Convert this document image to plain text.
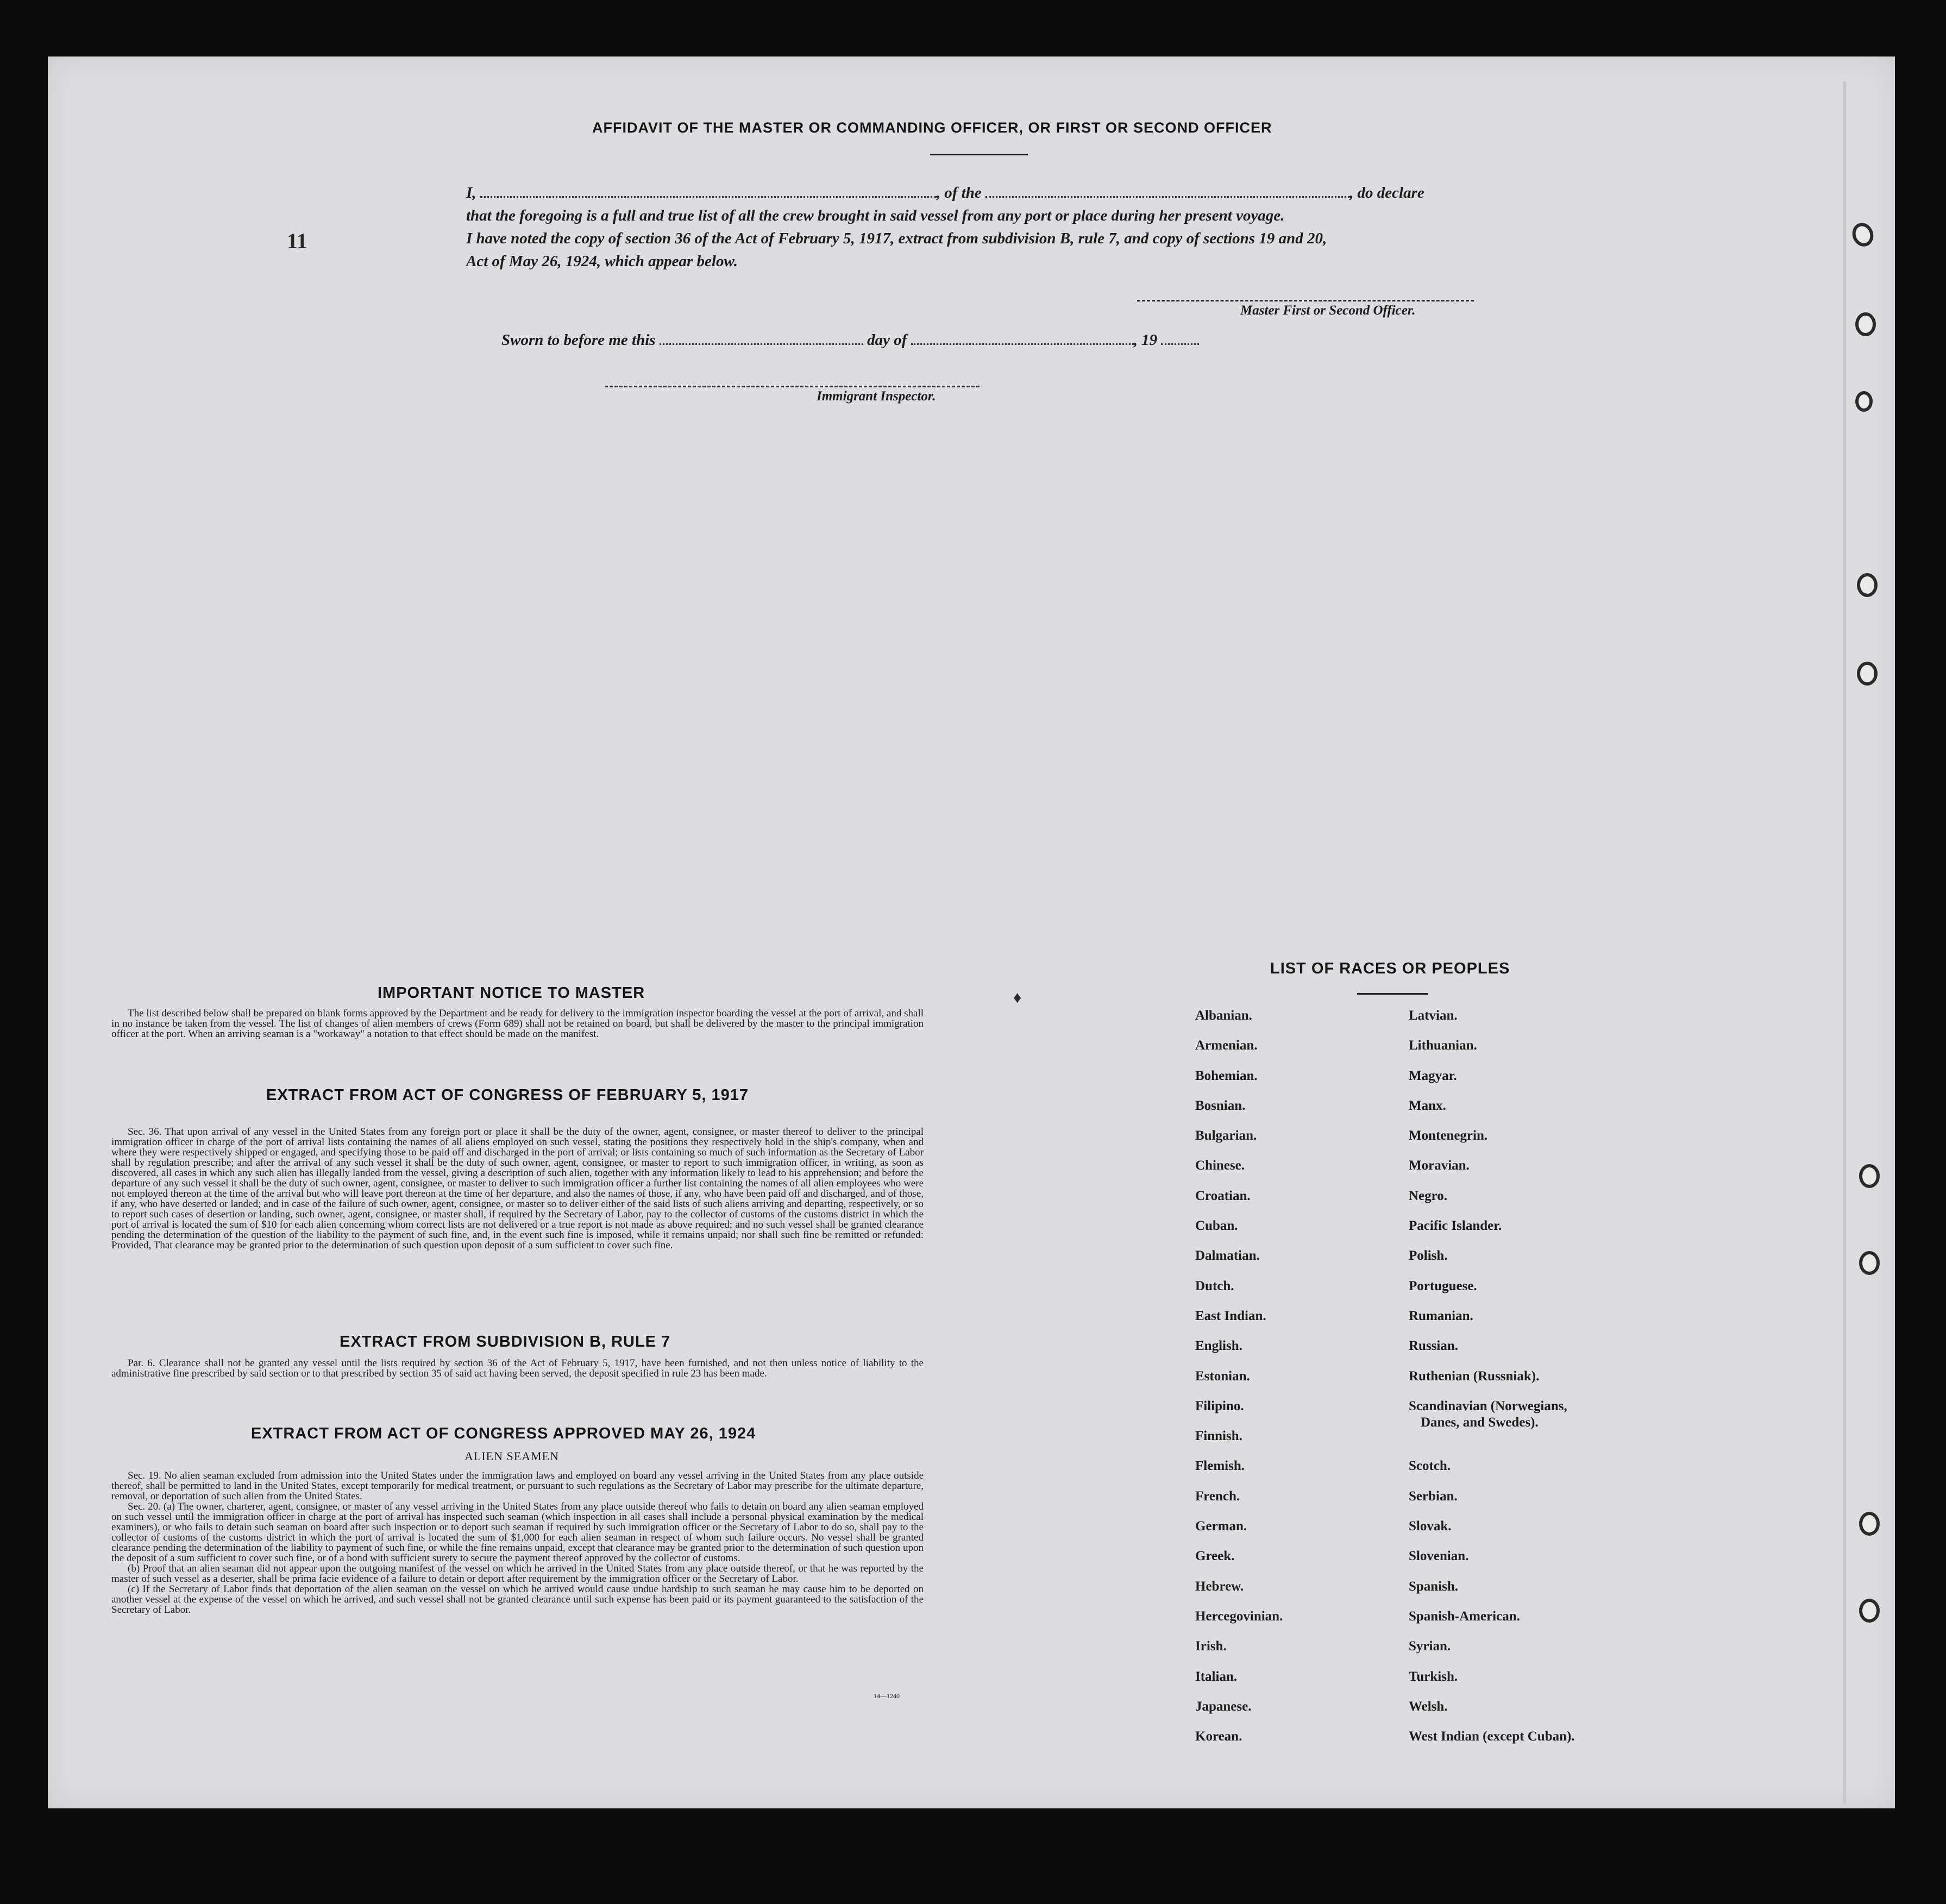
11
♦
AFFIDAVIT OF THE MASTER OR COMMANDING OFFICER, OR FIRST OR SECOND OFFICER
I,	, of the	, do declare
that the foregoing is a full and true list of all the crew brought in said vessel from any port or place during her present voyage.
I have noted the copy of section 36 of the Act of February 5, 1917, extract from subdivision B, rule 7, and copy of sections 19 and 20,
Act of May 26, 1924, which appear below.
Master First or Second Officer.
Sworn to before me this	day of	, 19
Immigrant Inspector.
IMPORTANT NOTICE TO MASTER

The list described below shall be prepared on blank forms approved by the Department and be ready for delivery to the immigration inspector boarding the vessel at the port of arrival, and shall in no instance be taken from the vessel. The list of changes of alien members of crews (Form 689) shall not be retained on board, but shall be delivered by the master to the principal immigration officer at the port. When an arriving seaman is a "workaway" a notation to that effect should be made on the manifest.

EXTRACT FROM ACT OF CONGRESS OF FEBRUARY 5, 1917

Sec. 36. That upon arrival of any vessel in the United States from any foreign port or place it shall be the duty of the owner, agent, consignee, or master thereof to deliver to the principal immigration officer in charge of the port of arrival lists containing the names of all aliens employed on such vessel, stating the positions they respectively hold in the ship's company, when and where they were respectively shipped or engaged, and specifying those to be paid off and discharged in the port of arrival; or lists containing so much of such information as the Secretary of Labor shall by regulation prescribe; and after the arrival of any such vessel it shall be the duty of such owner, agent, consignee, or master to report to such immigration officer, in writing, as soon as discovered, all cases in which any such alien has illegally landed from the vessel, giving a description of such alien, together with any information likely to lead to his apprehension; and before the departure of any such vessel it shall be the duty of such owner, agent, consignee, or master to deliver to such immigration officer a further list containing the names of all alien employees who were not employed thereon at the time of the arrival but who will leave port thereon at the time of her departure, and also the names of those, if any, who have been paid off and discharged, and of those, if any, who have deserted or landed; and in case of the failure of such owner, agent, consignee, or master so to deliver either of the said lists of such aliens arriving and departing, respectively, or so to report such cases of desertion or landing, such owner, agent, consignee, or master shall, if required by the Secretary of Labor, pay to the collector of customs of the customs district in which the port of arrival is located the sum of $10 for each alien concerning whom correct lists are not delivered or a true report is not made as above required; and no such vessel shall be granted clearance pending the determination of the question of the liability to the payment of such fine, and, in the event such fine is imposed, while it remains unpaid; nor shall such fine be remitted or refunded: Provided, That clearance may be granted prior to the determination of such question upon deposit of a sum sufficient to cover such fine.

EXTRACT FROM SUBDIVISION B, RULE 7

Par. 6. Clearance shall not be granted any vessel until the lists required by section 36 of the Act of February 5, 1917, have been furnished, and not then unless notice of liability to the administrative fine prescribed by said section or to that prescribed by section 35 of said act having been served, the deposit specified in rule 23 has been made.

EXTRACT FROM ACT OF CONGRESS APPROVED MAY 26, 1924
ALIEN SEAMEN

Sec. 19. No alien seaman excluded from admission into the United States under the immigration laws and employed on board any vessel arriving in the United States from any place outside thereof, shall be permitted to land in the United States, except temporarily for medical treatment, or pursuant to such regulations as the Secretary of Labor may prescribe for the ultimate departure, removal, or deportation of such alien from the United States.

Sec. 20. (a) The owner, charterer, agent, consignee, or master of any vessel arriving in the United States from any place outside thereof who fails to detain on board any alien seaman employed on such vessel until the immigration officer in charge at the port of arrival has inspected such seaman (which inspection in all cases shall include a personal physical examination by the medical examiners), or who fails to detain such seaman on board after such inspection or to deport such seaman if required by such immigration officer or the Secretary of Labor to do so, shall pay to the collector of customs of the customs district in which the port of arrival is located the sum of $1,000 for each alien seaman in respect of whom such failure occurs. No vessel shall be granted clearance pending the determination of the liability to payment of such fine, or while the fine remains unpaid, except that clearance may be granted prior to the determination of such question upon the deposit of a sum sufficient to cover such fine, or of a bond with sufficient surety to secure the payment thereof approved by the collector of customs.

(b) Proof that an alien seaman did not appear upon the outgoing manifest of the vessel on which he arrived in the United States from any place outside thereof, or that he was reported by the master of such vessel as a deserter, shall be prima facie evidence of a failure to detain or deport after requirement by the immigration officer or the Secretary of Labor.

(c) If the Secretary of Labor finds that deportation of the alien seaman on the vessel on which he arrived would cause undue hardship to such seaman he may cause him to be deported on another vessel at the expense of the vessel on which he arrived, and such vessel shall not be granted clearance until such expense has been paid or its payment guaranteed to the satisfaction of the Secretary of Labor.

14—1240
LIST OF RACES OR PEOPLES
Albanian.
Armenian.
Bohemian.
Bosnian.
Bulgarian.
Chinese.
Croatian.
Cuban.
Dalmatian.
Dutch.
East Indian.
English.
Estonian.
Filipino.
Finnish.
Flemish.
French.
German.
Greek.
Hebrew.
Hercegovinian.
Irish.
Italian.
Japanese.
Korean.
Latvian.
Lithuanian.
Magyar.
Manx.
Montenegrin.
Moravian.
Negro.
Pacific Islander.
Polish.
Portuguese.
Rumanian.
Russian.
Ruthenian (Russniak).
Scandinavian (Norwegians,
Danes, and Swedes).
Scotch.
Serbian.
Slovak.
Slovenian.
Spanish.
Spanish-American.
Syrian.
Turkish.
Welsh.
West Indian (except Cuban).
